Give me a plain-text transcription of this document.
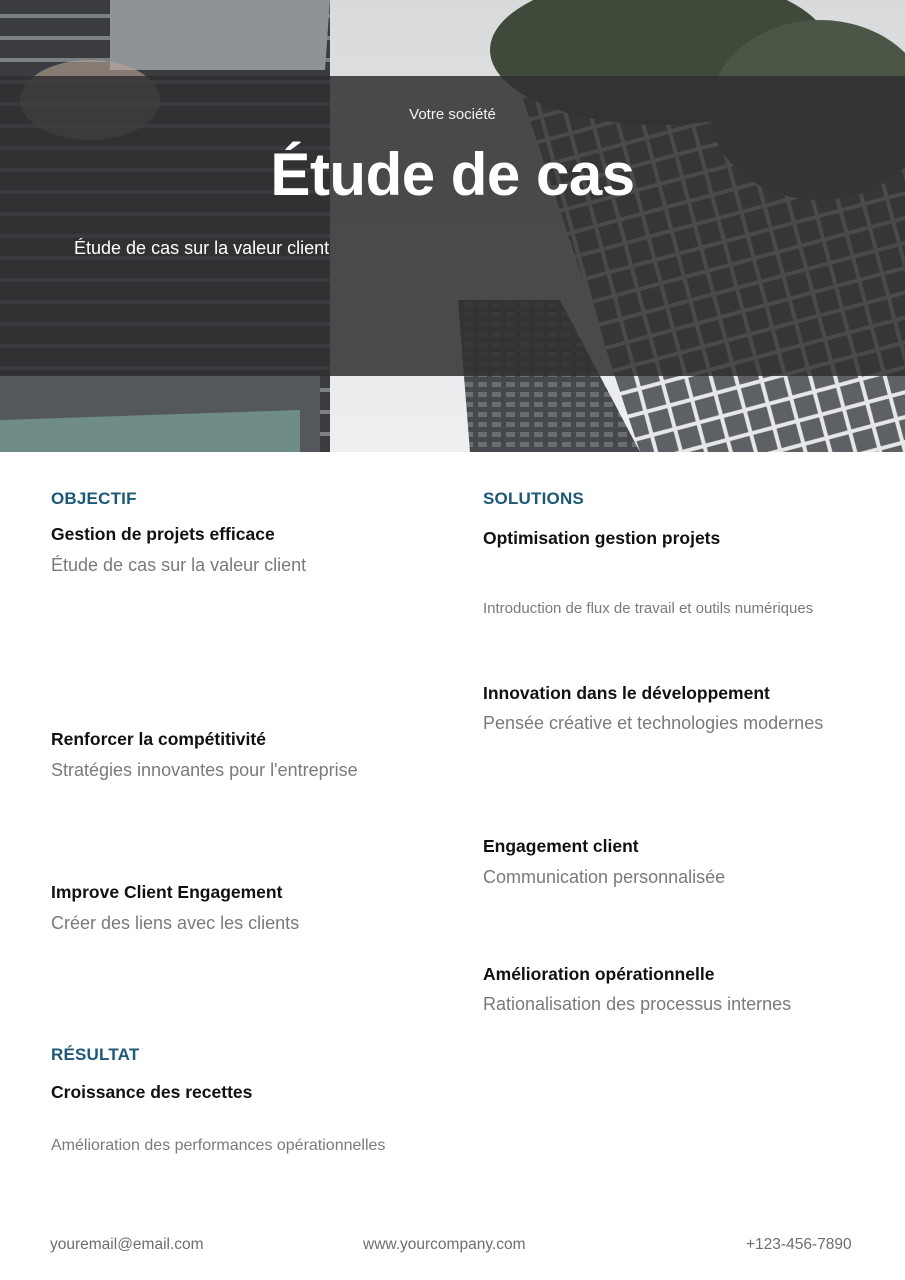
Votre société
Étude de cas
Étude de cas sur la valeur client
OBJECTIF
Gestion de projets efficace
Étude de cas sur la valeur client
Renforcer la compétitivité
Stratégies innovantes pour l'entreprise
Improve Client Engagement
Créer des liens avec les clients
SOLUTIONS
Optimisation gestion projets
Introduction de flux de travail et outils numériques
Innovation dans le développement
Pensée créative et technologies modernes
Engagement client
Communication personnalisée
Amélioration opérationnelle
Rationalisation des processus internes
RÉSULTAT
Croissance des recettes
Amélioration des performances opérationnelles
youremail@email.com	www.yourcompany.com	+123-456-7890
